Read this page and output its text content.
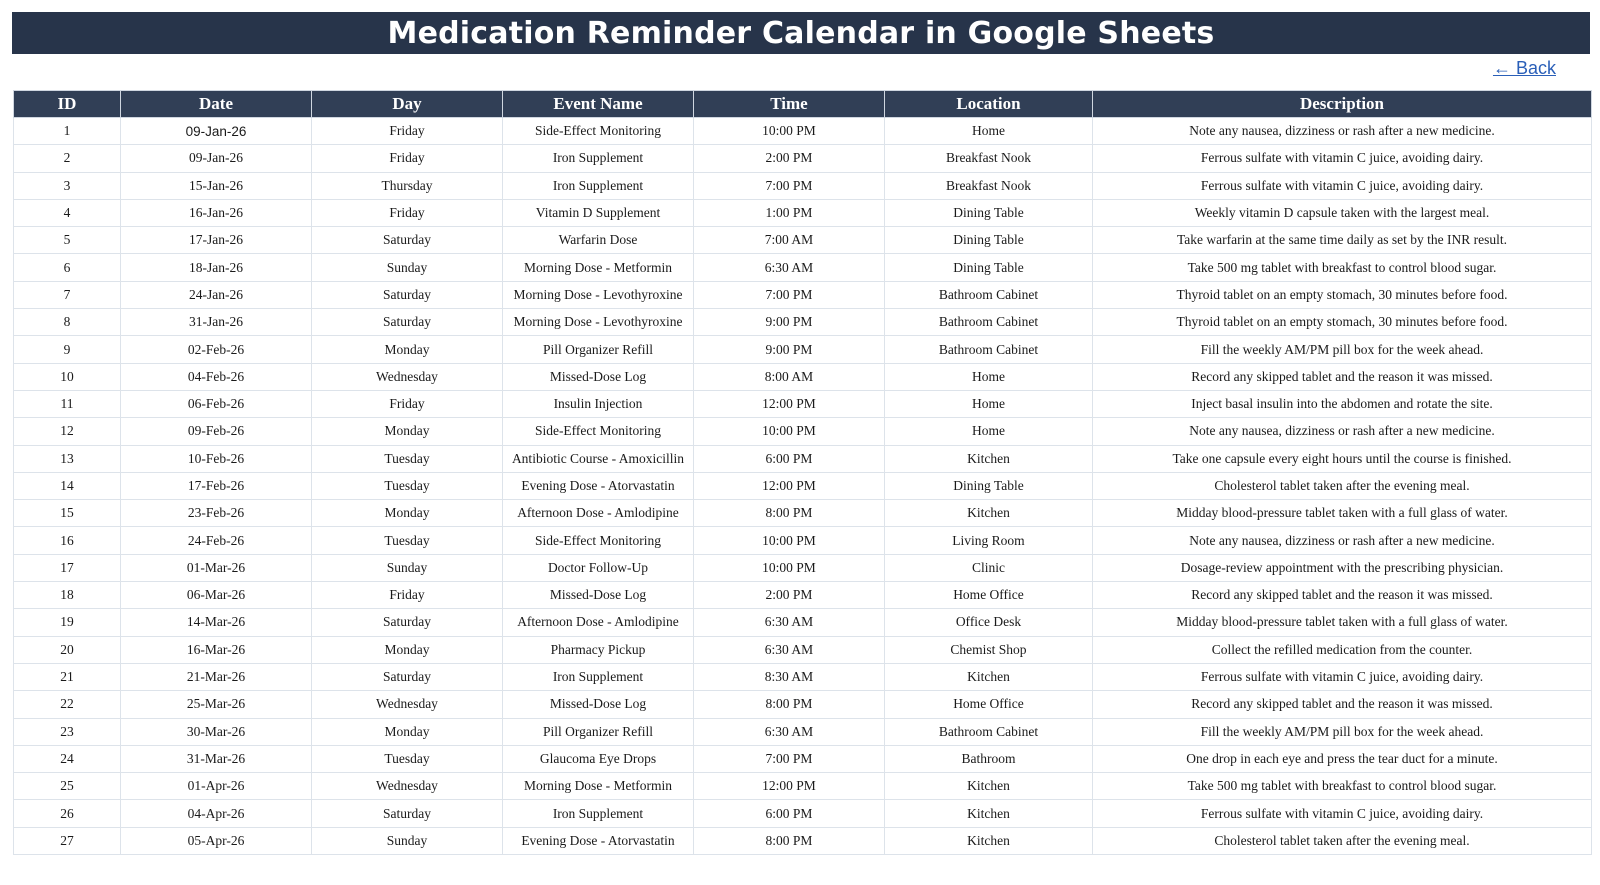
Medication Reminder Calendar in Google Sheets
← Back
ID	Date	Day	Event Name	Time	Location	Description
1	09-Jan-26	Friday	Side-Effect Monitoring	10:00 PM	Home	Note any nausea, dizziness or rash after a new medicine.
2	09-Jan-26	Friday	Iron Supplement	2:00 PM	Breakfast Nook	Ferrous sulfate with vitamin C juice, avoiding dairy.
3	15-Jan-26	Thursday	Iron Supplement	7:00 PM	Breakfast Nook	Ferrous sulfate with vitamin C juice, avoiding dairy.
4	16-Jan-26	Friday	Vitamin D Supplement	1:00 PM	Dining Table	Weekly vitamin D capsule taken with the largest meal.
5	17-Jan-26	Saturday	Warfarin Dose	7:00 AM	Dining Table	Take warfarin at the same time daily as set by the INR result.
6	18-Jan-26	Sunday	Morning Dose - Metformin	6:30 AM	Dining Table	Take 500 mg tablet with breakfast to control blood sugar.
7	24-Jan-26	Saturday	Morning Dose - Levothyroxine	7:00 PM	Bathroom Cabinet	Thyroid tablet on an empty stomach, 30 minutes before food.
8	31-Jan-26	Saturday	Morning Dose - Levothyroxine	9:00 PM	Bathroom Cabinet	Thyroid tablet on an empty stomach, 30 minutes before food.
9	02-Feb-26	Monday	Pill Organizer Refill	9:00 PM	Bathroom Cabinet	Fill the weekly AM/PM pill box for the week ahead.
10	04-Feb-26	Wednesday	Missed-Dose Log	8:00 AM	Home	Record any skipped tablet and the reason it was missed.
11	06-Feb-26	Friday	Insulin Injection	12:00 PM	Home	Inject basal insulin into the abdomen and rotate the site.
12	09-Feb-26	Monday	Side-Effect Monitoring	10:00 PM	Home	Note any nausea, dizziness or rash after a new medicine.
13	10-Feb-26	Tuesday	Antibiotic Course - Amoxicillin	6:00 PM	Kitchen	Take one capsule every eight hours until the course is finished.
14	17-Feb-26	Tuesday	Evening Dose - Atorvastatin	12:00 PM	Dining Table	Cholesterol tablet taken after the evening meal.
15	23-Feb-26	Monday	Afternoon Dose - Amlodipine	8:00 PM	Kitchen	Midday blood-pressure tablet taken with a full glass of water.
16	24-Feb-26	Tuesday	Side-Effect Monitoring	10:00 PM	Living Room	Note any nausea, dizziness or rash after a new medicine.
17	01-Mar-26	Sunday	Doctor Follow-Up	10:00 PM	Clinic	Dosage-review appointment with the prescribing physician.
18	06-Mar-26	Friday	Missed-Dose Log	2:00 PM	Home Office	Record any skipped tablet and the reason it was missed.
19	14-Mar-26	Saturday	Afternoon Dose - Amlodipine	6:30 AM	Office Desk	Midday blood-pressure tablet taken with a full glass of water.
20	16-Mar-26	Monday	Pharmacy Pickup	6:30 AM	Chemist Shop	Collect the refilled medication from the counter.
21	21-Mar-26	Saturday	Iron Supplement	8:30 AM	Kitchen	Ferrous sulfate with vitamin C juice, avoiding dairy.
22	25-Mar-26	Wednesday	Missed-Dose Log	8:00 PM	Home Office	Record any skipped tablet and the reason it was missed.
23	30-Mar-26	Monday	Pill Organizer Refill	6:30 AM	Bathroom Cabinet	Fill the weekly AM/PM pill box for the week ahead.
24	31-Mar-26	Tuesday	Glaucoma Eye Drops	7:00 PM	Bathroom	One drop in each eye and press the tear duct for a minute.
25	01-Apr-26	Wednesday	Morning Dose - Metformin	12:00 PM	Kitchen	Take 500 mg tablet with breakfast to control blood sugar.
26	04-Apr-26	Saturday	Iron Supplement	6:00 PM	Kitchen	Ferrous sulfate with vitamin C juice, avoiding dairy.
27	05-Apr-26	Sunday	Evening Dose - Atorvastatin	8:00 PM	Kitchen	Cholesterol tablet taken after the evening meal.
